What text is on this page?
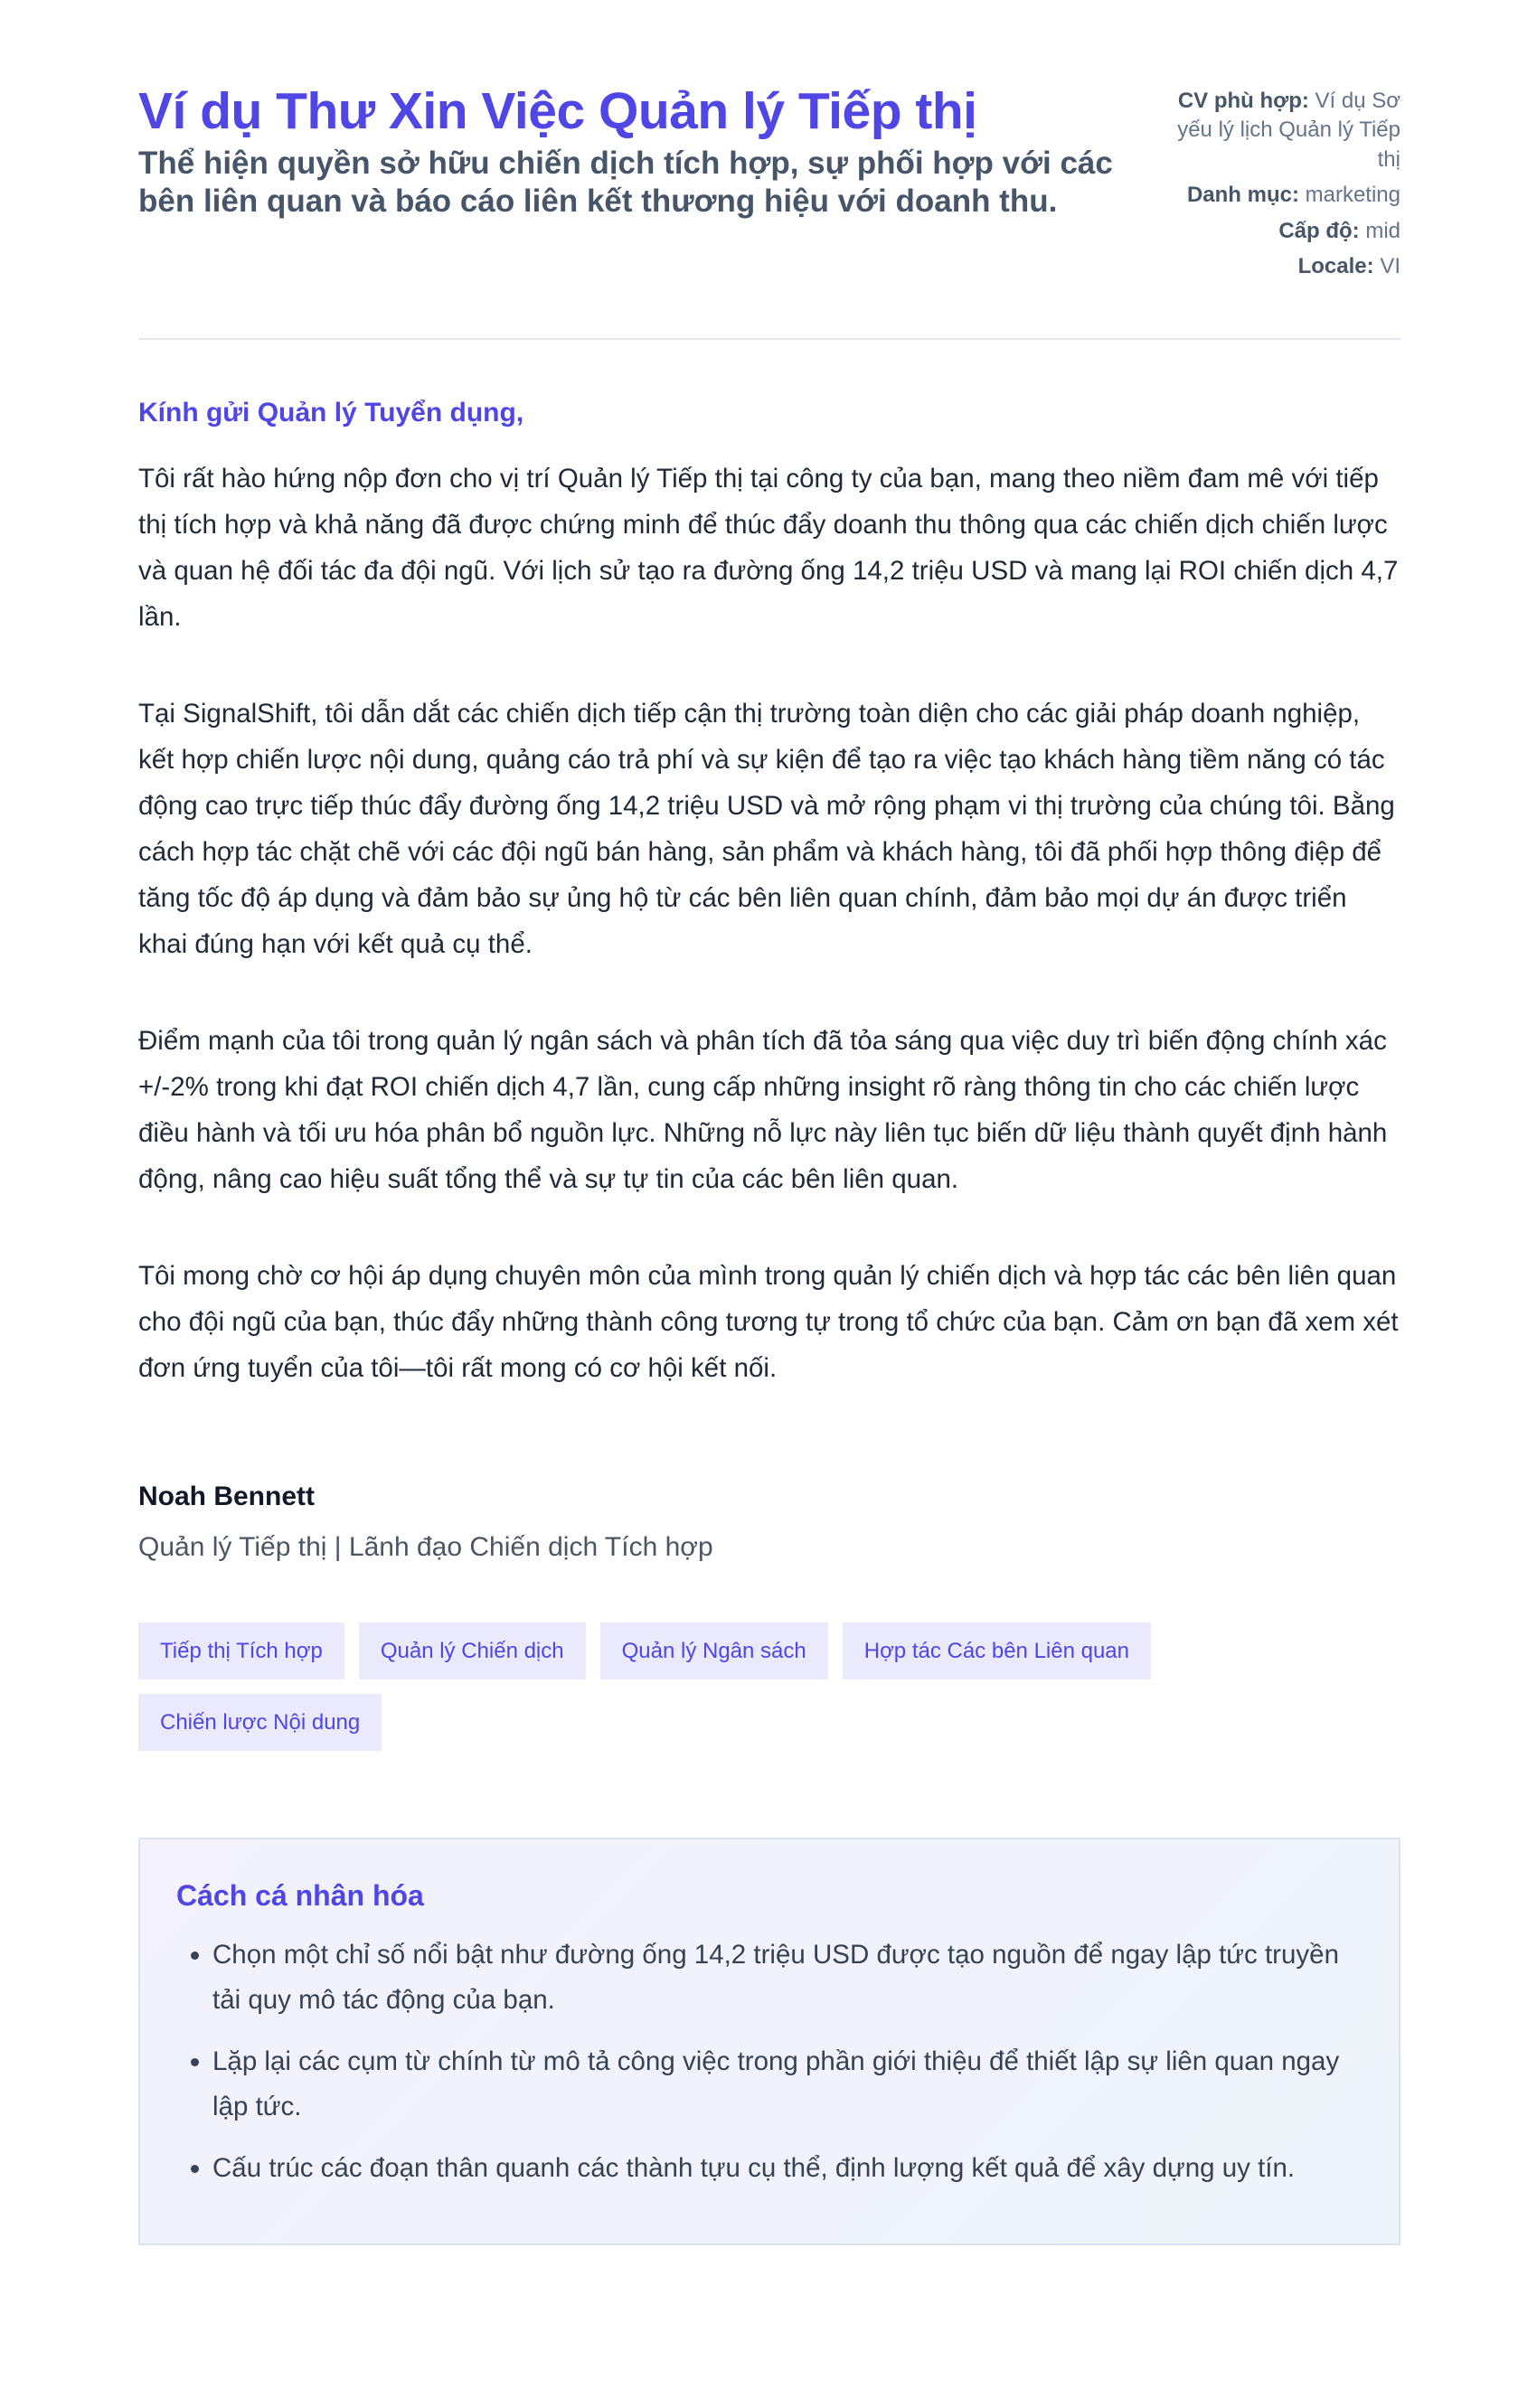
Ví dụ Thư Xin Việc Quản lý Tiếp thị
Thể hiện quyền sở hữu chiến dịch tích hợp, sự phối hợp với các bên liên quan và báo cáo liên kết thương hiệu với doanh thu.
CV phù hợp: Ví dụ Sơ yếu lý lịch Quản lý Tiếp thị
Danh mục: marketing
Cấp độ: mid
Locale: VI
Kính gửi Quản lý Tuyển dụng,

Tôi rất hào hứng nộp đơn cho vị trí Quản lý Tiếp thị tại công ty của bạn, mang theo niềm đam mê với tiếp thị tích hợp và khả năng đã được chứng minh để thúc đẩy doanh thu thông qua các chiến dịch chiến lược và quan hệ đối tác đa đội ngũ. Với lịch sử tạo ra đường ống 14,2 triệu USD và mang lại ROI chiến dịch 4,7 lần.

Tại SignalShift, tôi dẫn dắt các chiến dịch tiếp cận thị trường toàn diện cho các giải pháp doanh nghiệp, kết hợp chiến lược nội dung, quảng cáo trả phí và sự kiện để tạo ra việc tạo khách hàng tiềm năng có tác động cao trực tiếp thúc đẩy đường ống 14,2 triệu USD và mở rộng phạm vi thị trường của chúng tôi. Bằng cách hợp tác chặt chẽ với các đội ngũ bán hàng, sản phẩm và khách hàng, tôi đã phối hợp thông điệp để tăng tốc độ áp dụng và đảm bảo sự ủng hộ từ các bên liên quan chính, đảm bảo mọi dự án được triển khai đúng hạn với kết quả cụ thể.

Điểm mạnh của tôi trong quản lý ngân sách và phân tích đã tỏa sáng qua việc duy trì biến động chính xác +/-2% trong khi đạt ROI chiến dịch 4,7 lần, cung cấp những insight rõ ràng thông tin cho các chiến lược điều hành và tối ưu hóa phân bổ nguồn lực. Những nỗ lực này liên tục biến dữ liệu thành quyết định hành động, nâng cao hiệu suất tổng thể và sự tự tin của các bên liên quan.

Tôi mong chờ cơ hội áp dụng chuyên môn của mình trong quản lý chiến dịch và hợp tác các bên liên quan cho đội ngũ của bạn, thúc đẩy những thành công tương tự trong tổ chức của bạn. Cảm ơn bạn đã xem xét đơn ứng tuyển của tôi—tôi rất mong có cơ hội kết nối.

Noah Bennett
Quản lý Tiếp thị | Lãnh đạo Chiến dịch Tích hợp
Tiếp thị Tích hợp	Quản lý Chiến dịch	Quản lý Ngân sách	Hợp tác Các bên Liên quan
Chiến lược Nội dung
Cách cá nhân hóa
• Chọn một chỉ số nổi bật như đường ống 14,2 triệu USD được tạo nguồn để ngay lập tức truyền tải quy mô tác động của bạn.
• Lặp lại các cụm từ chính từ mô tả công việc trong phần giới thiệu để thiết lập sự liên quan ngay lập tức.
• Cấu trúc các đoạn thân quanh các thành tựu cụ thể, định lượng kết quả để xây dựng uy tín.
